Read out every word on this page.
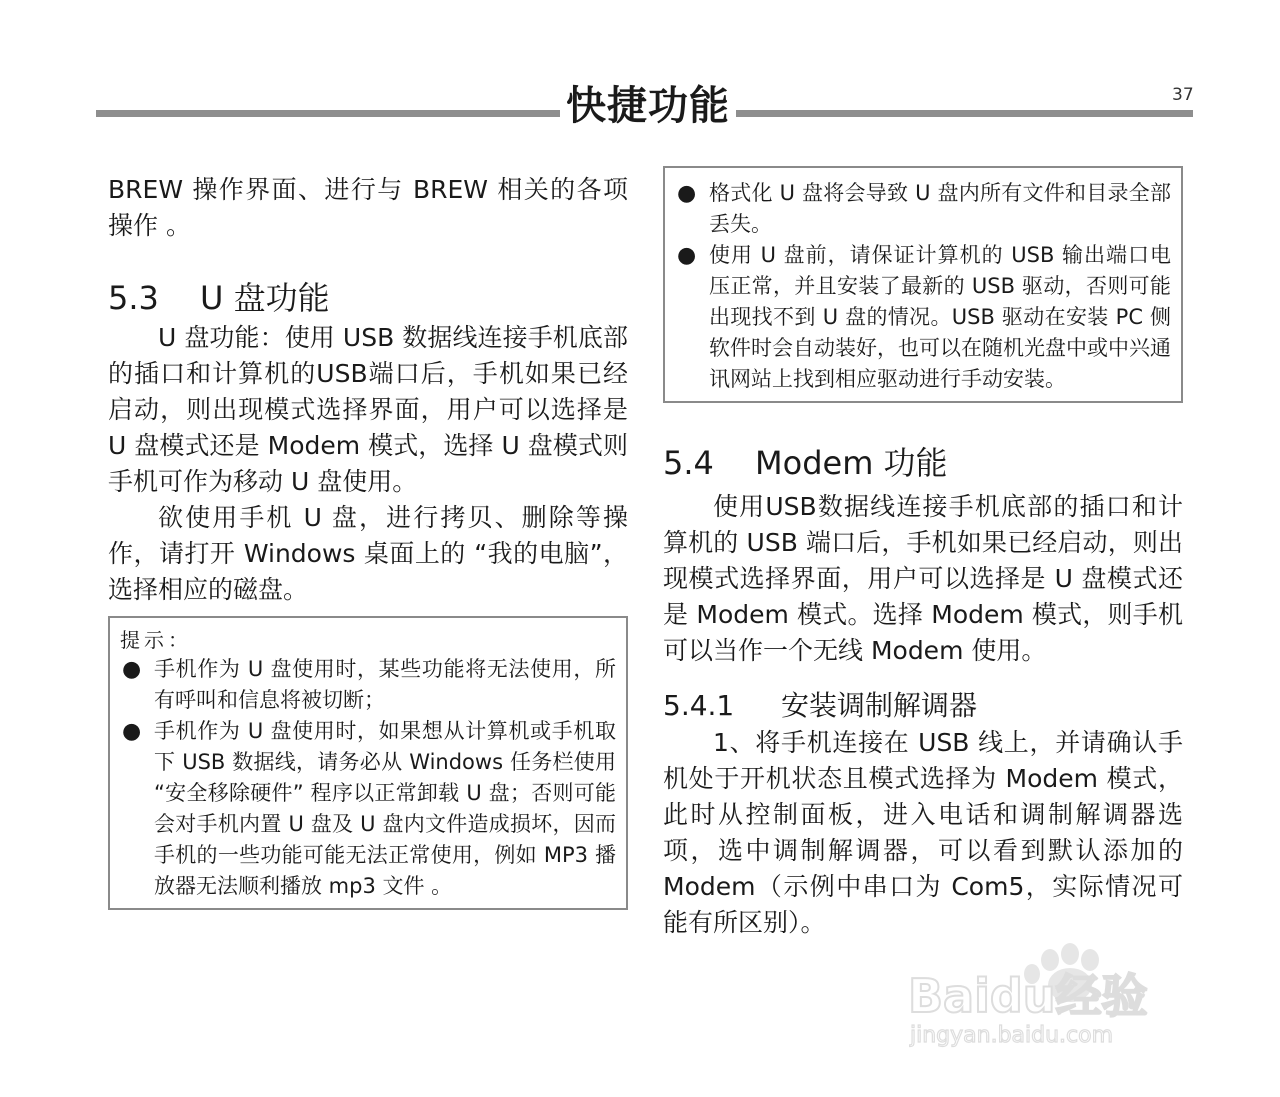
37
快捷功能

BREW 操作界面、进行与 BREW 相关的各项操作 。

5.3 U 盘功能

U 盘功能：使用 USB 数据线连接手机底部的插口和计算机的USB端口后，手机如果已经启动，则出现模式选择界面，用户可以选择是 U 盘模式还是 Modem 模式，选择 U 盘模式则手机可作为移动 U 盘使用。

欲使用手机 U 盘，进行拷贝、删除等操作，请打开 Windows 桌面上的 “我的电脑”，选择相应的磁盘。

提示：
● 手机作为 U 盘使用时，某些功能将无法使用，所有呼叫和信息将被切断；
● 手机作为 U 盘使用时，如果想从计算机或手机取下 USB 数据线，请务必从 Windows 任务栏使用 “安全移除硬件” 程序以正常卸载 U 盘；否则可能会对手机内置 U 盘及 U 盘内文件造成损坏，因而手机的一些功能可能无法正常使用，例如 MP3 播放器无法顺利播放 mp3 文件 。
● 格式化 U 盘将会导致 U 盘内所有文件和目录全部丢失。
● 使用 U 盘前，请保证计算机的 USB 输出端口电压正常，并且安装了最新的 USB 驱动，否则可能出现找不到 U 盘的情况。USB 驱动在安装 PC 侧软件时会自动装好，也可以在随机光盘中或中兴通讯网站上找到相应驱动进行手动安装。
5.4 Modem 功能

使用USB数据线连接手机底部的插口和计算机的 USB 端口后，手机如果已经启动，则出现模式选择界面，用户可以选择是 U 盘模式还是 Modem 模式。选择 Modem 模式，则手机可以当作一个无线 Modem 使用。

5.4.1 安装调制解调器

1、将手机连接在 USB 线上，并请确认手机处于开机状态且模式选择为 Modem 模式，此时从控制面板，进入电话和调制解调器选项，选中调制解调器，可以看到默认添加的 Modem（示例中串口为 Com5，实际情况可能有所区别）。

Baidu经验
jingyan.baidu.com
